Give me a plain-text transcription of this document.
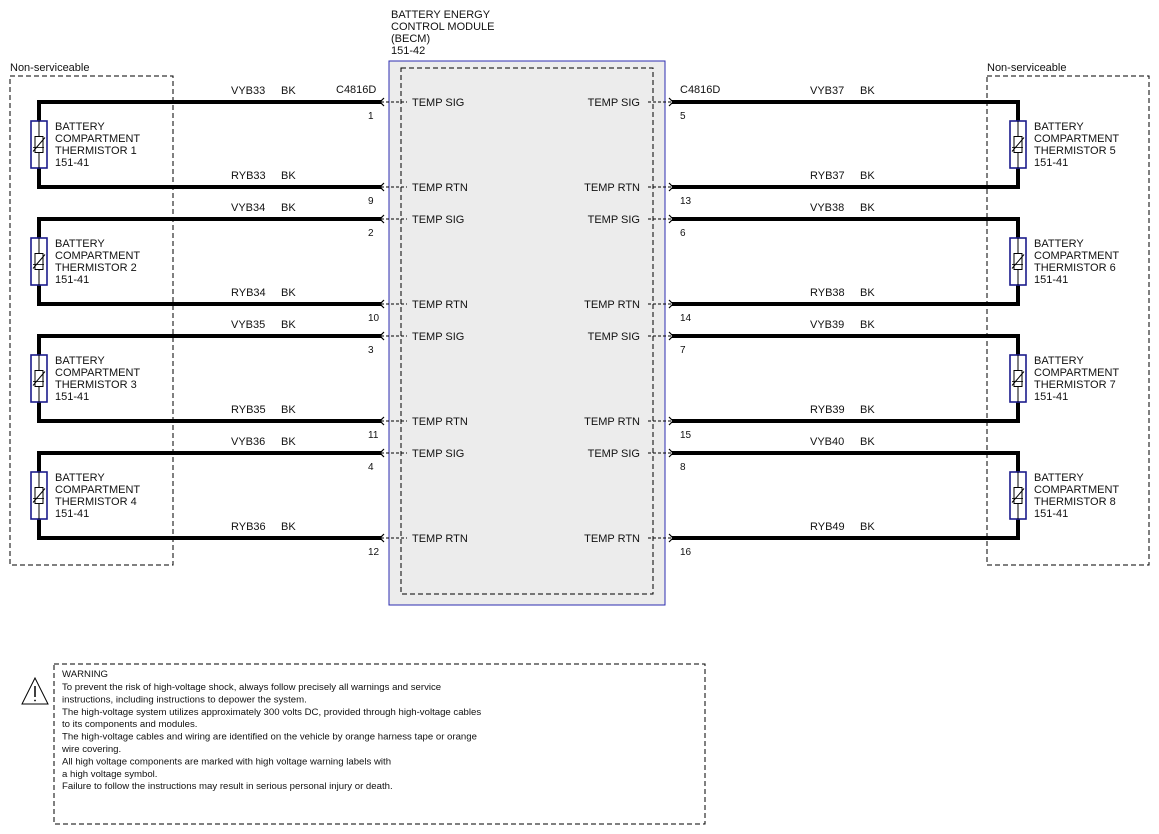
Non-serviceable	Non-serviceable
BATTERY ENERGY
CONTROL MODULE
(BECM)
151-42
C4816D	C4816D
BATTERY
COMPARTMENT
THERMISTOR 1
151-41
VYB33 BK
RYB33 BK
1
9
TEMP SIG
TEMP RTN
BATTERY
COMPARTMENT
THERMISTOR 2
151-41
VYB34 BK
RYB34 BK
2
10
TEMP SIG
TEMP RTN
BATTERY
COMPARTMENT
THERMISTOR 3
151-41
VYB35 BK
RYB35 BK
3
11
TEMP SIG
TEMP RTN
BATTERY
COMPARTMENT
THERMISTOR 4
151-41
VYB36 BK
RYB36 BK
4
12
TEMP SIG
TEMP RTN
BATTERY
COMPARTMENT
THERMISTOR 5
151-41
VYB37 BK
RYB37 BK
5
13
TEMP SIG
TEMP RTN
BATTERY
COMPARTMENT
THERMISTOR 6
151-41
VYB38 BK
RYB38 BK
6
14
TEMP SIG
TEMP RTN
BATTERY
COMPARTMENT
THERMISTOR 7
151-41
VYB39 BK
RYB39 BK
7
15
TEMP SIG
TEMP RTN
BATTERY
COMPARTMENT
THERMISTOR 8
151-41
VYB40 BK
RYB49 BK
8
16
TEMP SIG
TEMP RTN
WARNING
To prevent the risk of high-voltage shock, always follow precisely all warnings and service
instructions, including instructions to depower the system.
The high-voltage system utilizes approximately 300 volts DC, provided through high-voltage cables
to its components and modules.
The high-voltage cables and wiring are identified on the vehicle by orange harness tape or orange
wire covering.
All high voltage components are marked with high voltage warning labels with
a high voltage symbol.
Failure to follow the instructions may result in serious personal injury or death.
